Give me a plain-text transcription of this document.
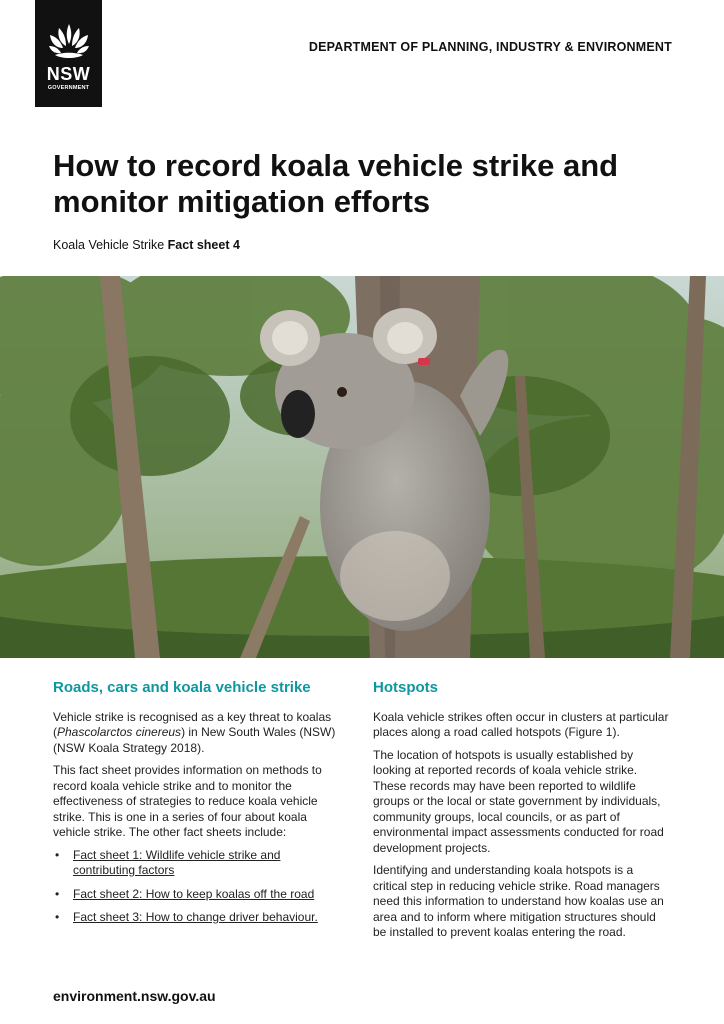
NSW
GOVERNMENT
DEPARTMENT OF PLANNING, INDUSTRY & ENVIRONMENT
How to record koala vehicle strike and monitor mitigation efforts
Koala Vehicle Strike Fact sheet 4
Roads, cars and koala vehicle strike

Vehicle strike is recognised as a key threat to koalas (Phascolarctos cinereus) in New South Wales (NSW) (NSW Koala Strategy 2018).

This fact sheet provides information on methods to record koala vehicle strike and to monitor the effectiveness of strategies to reduce koala vehicle strike. This is one in a series of four about koala vehicle strike. The other fact sheets include:

• Fact sheet 1: Wildlife vehicle strike and contributing factors
• Fact sheet 2: How to keep koalas off the road
• Fact sheet 3: How to change driver behaviour.
Hotspots

Koala vehicle strikes often occur in clusters at particular places along a road called hotspots (Figure 1).

The location of hotspots is usually established by looking at reported records of koala vehicle strike. These records may have been reported to wildlife groups or the local or state government by individuals, community groups, local councils, or as part of environmental impact assessments conducted for road development projects.

Identifying and understanding koala hotspots is a critical step in reducing vehicle strike. Road managers need this information to understand how koalas use an area and to inform where mitigation structures should be installed to prevent koalas entering the road.

environment.nsw.gov.au
